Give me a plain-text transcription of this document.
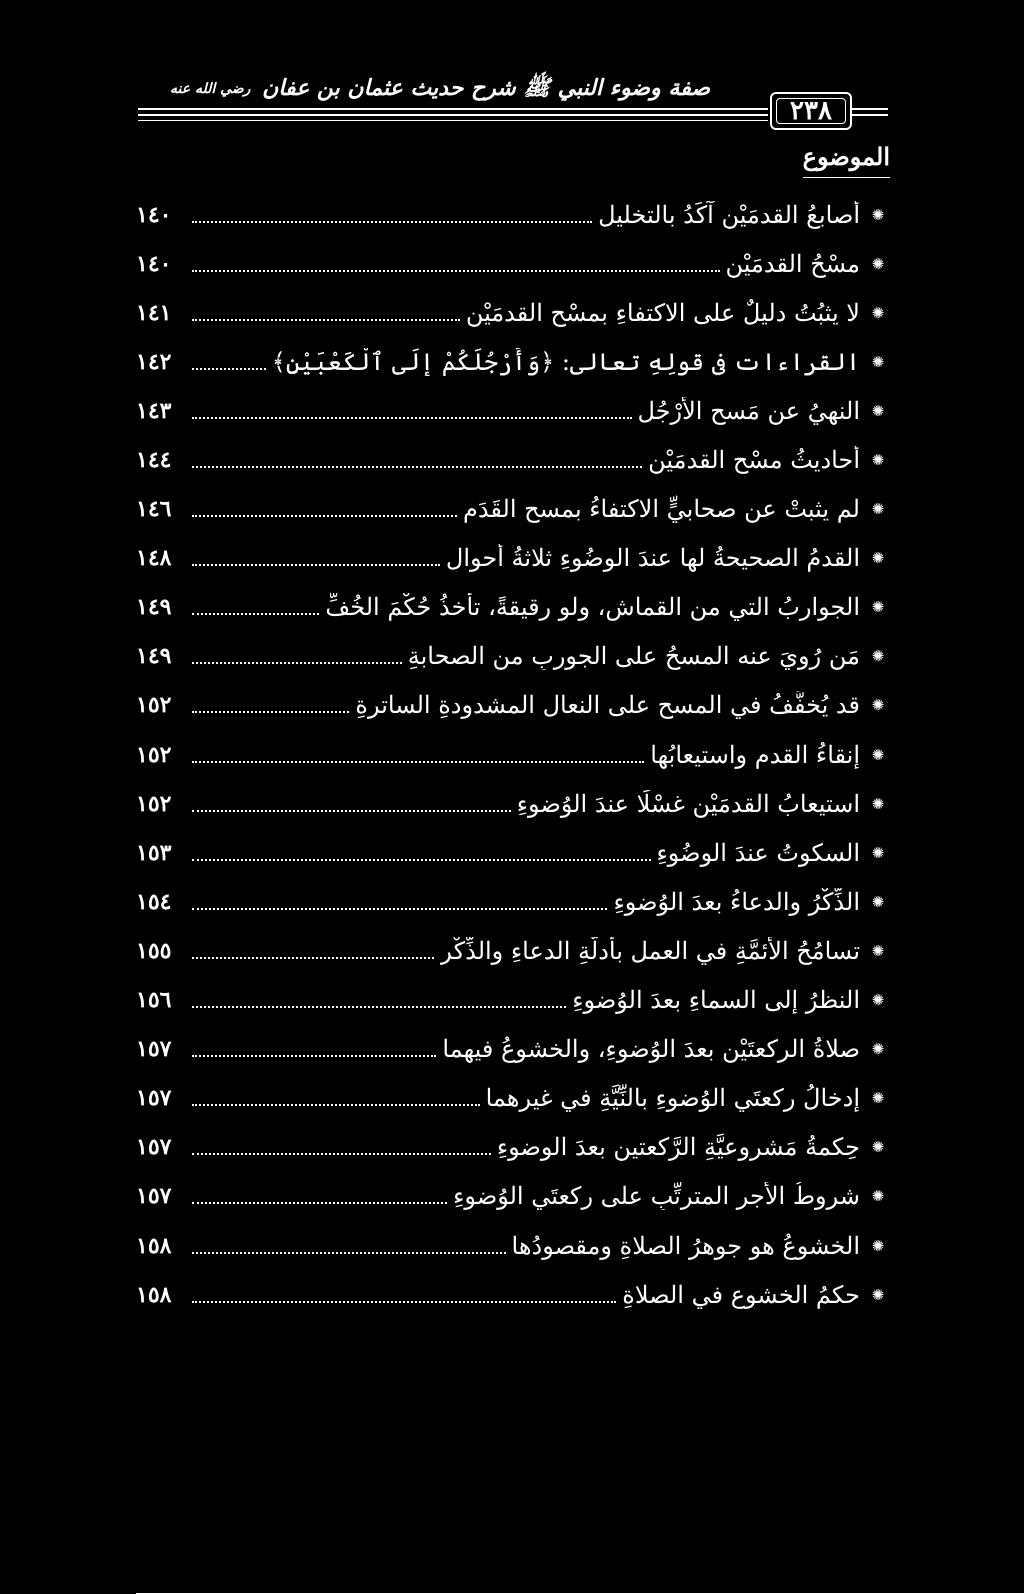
صفة وضوء النبي ﷺ شرح حديث عثمان بن عفان رضي الله عنه
٢٣٨
الموضوع
✺
أصابعُ القدمَيْن آكَدُ بالتخليل
١٤٠
✺
مسْحُ القدمَيْن
١٤٠
✺
لا يثبُتُ دليلٌ على الاكتفاءِ بمسْحِ القدمَيْنِ
١٤١
✺
القراءات في قولِهِ تعالى: ﴿وَأَرْجُلَكُمْ إِلَى ٱلْكَعْبَيْنِ﴾
١٤٢
✺
النهيُ عن مَسحِ الأَرْجُلِ
١٤٣
✺
أحاديثُ مسْحِ القدمَيْنِ
١٤٤
✺
لم يثبتْ عن صحابيٍّ الاكتفاءُ بمسحِ القَدَمِ
١٤٦
✺
القدمُ الصحيحةُ لها عندَ الوضُوءِ ثلاثةُ أحوالٍ
١٤٨
✺
الجواربُ التي من القماشِ، ولو رقيقةً، تأخذُ حُكْمَ الخُفِّ
١٤٩
✺
مَن رُوِيَ عنه المسحُ على الجوربِ من الصحابةِ
١٤٩
✺
قد يُخفَّفُ في المسحِ على النعالِ المشدودةِ الساترةِ
١٥٢
✺
إنقاءُ القدمِ واستيعابُها
١٥٢
✺
استيعابُ القدمَيْنِ غسْلًا عندَ الوُضوءِ
١٥٢
✺
السكوتُ عندَ الوضُوءِ
١٥٣
✺
الذِّكْرُ والدعاءُ بعدَ الوُضوءِ
١٥٤
✺
تسامُحُ الأئمَّةِ في العملِ بأدلَّةِ الدعاءِ والذِّكْرِ
١٥٥
✺
النظرُ إلى السماءِ بعدَ الوُضوءِ
١٥٦
✺
صلاةُ الركعتَيْنِ بعدَ الوُضوءِ، والخشوعُ فيهما
١٥٧
✺
إدخالُ ركعتَيِ الوُضوءِ بالنِّيَّةِ في غيرِهما
١٥٧
✺
حِكمةُ مَشروعيَّةِ الرَّكعتينِ بعدَ الوضوءِ
١٥٧
✺
شروطُ الأجرِ المترتِّبِ على ركعتَيِ الوُضوءِ
١٥٧
✺
الخشوعُ هو جوهرُ الصلاةِ ومقصودُها
١٥٨
✺
حكمُ الخشوعِ في الصلاةِ
١٥٨
